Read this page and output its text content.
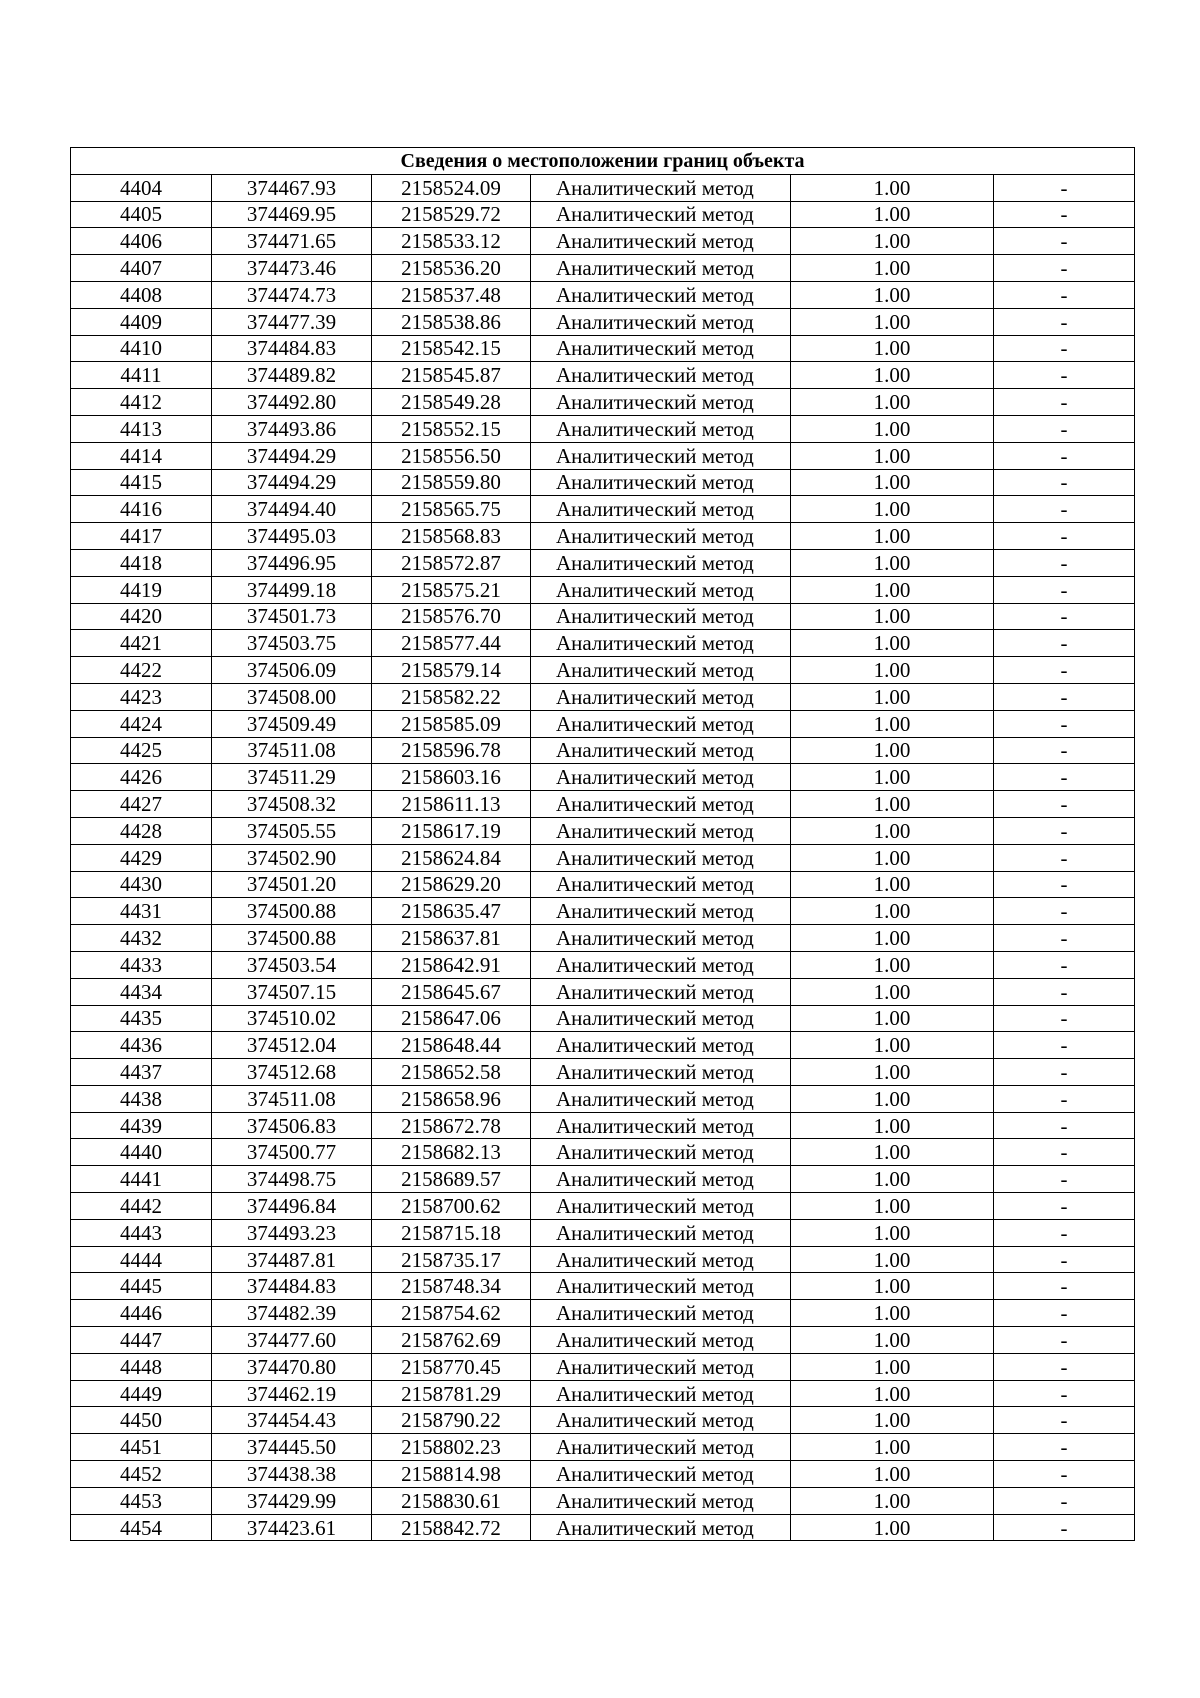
Сведения о местоположении границ объекта					
4404	374467.93	2158524.09	Аналитический метод	1.00	-
4405	374469.95	2158529.72	Аналитический метод	1.00	-
4406	374471.65	2158533.12	Аналитический метод	1.00	-
4407	374473.46	2158536.20	Аналитический метод	1.00	-
4408	374474.73	2158537.48	Аналитический метод	1.00	-
4409	374477.39	2158538.86	Аналитический метод	1.00	-
4410	374484.83	2158542.15	Аналитический метод	1.00	-
4411	374489.82	2158545.87	Аналитический метод	1.00	-
4412	374492.80	2158549.28	Аналитический метод	1.00	-
4413	374493.86	2158552.15	Аналитический метод	1.00	-
4414	374494.29	2158556.50	Аналитический метод	1.00	-
4415	374494.29	2158559.80	Аналитический метод	1.00	-
4416	374494.40	2158565.75	Аналитический метод	1.00	-
4417	374495.03	2158568.83	Аналитический метод	1.00	-
4418	374496.95	2158572.87	Аналитический метод	1.00	-
4419	374499.18	2158575.21	Аналитический метод	1.00	-
4420	374501.73	2158576.70	Аналитический метод	1.00	-
4421	374503.75	2158577.44	Аналитический метод	1.00	-
4422	374506.09	2158579.14	Аналитический метод	1.00	-
4423	374508.00	2158582.22	Аналитический метод	1.00	-
4424	374509.49	2158585.09	Аналитический метод	1.00	-
4425	374511.08	2158596.78	Аналитический метод	1.00	-
4426	374511.29	2158603.16	Аналитический метод	1.00	-
4427	374508.32	2158611.13	Аналитический метод	1.00	-
4428	374505.55	2158617.19	Аналитический метод	1.00	-
4429	374502.90	2158624.84	Аналитический метод	1.00	-
4430	374501.20	2158629.20	Аналитический метод	1.00	-
4431	374500.88	2158635.47	Аналитический метод	1.00	-
4432	374500.88	2158637.81	Аналитический метод	1.00	-
4433	374503.54	2158642.91	Аналитический метод	1.00	-
4434	374507.15	2158645.67	Аналитический метод	1.00	-
4435	374510.02	2158647.06	Аналитический метод	1.00	-
4436	374512.04	2158648.44	Аналитический метод	1.00	-
4437	374512.68	2158652.58	Аналитический метод	1.00	-
4438	374511.08	2158658.96	Аналитический метод	1.00	-
4439	374506.83	2158672.78	Аналитический метод	1.00	-
4440	374500.77	2158682.13	Аналитический метод	1.00	-
4441	374498.75	2158689.57	Аналитический метод	1.00	-
4442	374496.84	2158700.62	Аналитический метод	1.00	-
4443	374493.23	2158715.18	Аналитический метод	1.00	-
4444	374487.81	2158735.17	Аналитический метод	1.00	-
4445	374484.83	2158748.34	Аналитический метод	1.00	-
4446	374482.39	2158754.62	Аналитический метод	1.00	-
4447	374477.60	2158762.69	Аналитический метод	1.00	-
4448	374470.80	2158770.45	Аналитический метод	1.00	-
4449	374462.19	2158781.29	Аналитический метод	1.00	-
4450	374454.43	2158790.22	Аналитический метод	1.00	-
4451	374445.50	2158802.23	Аналитический метод	1.00	-
4452	374438.38	2158814.98	Аналитический метод	1.00	-
4453	374429.99	2158830.61	Аналитический метод	1.00	-
4454	374423.61	2158842.72	Аналитический метод	1.00	-
